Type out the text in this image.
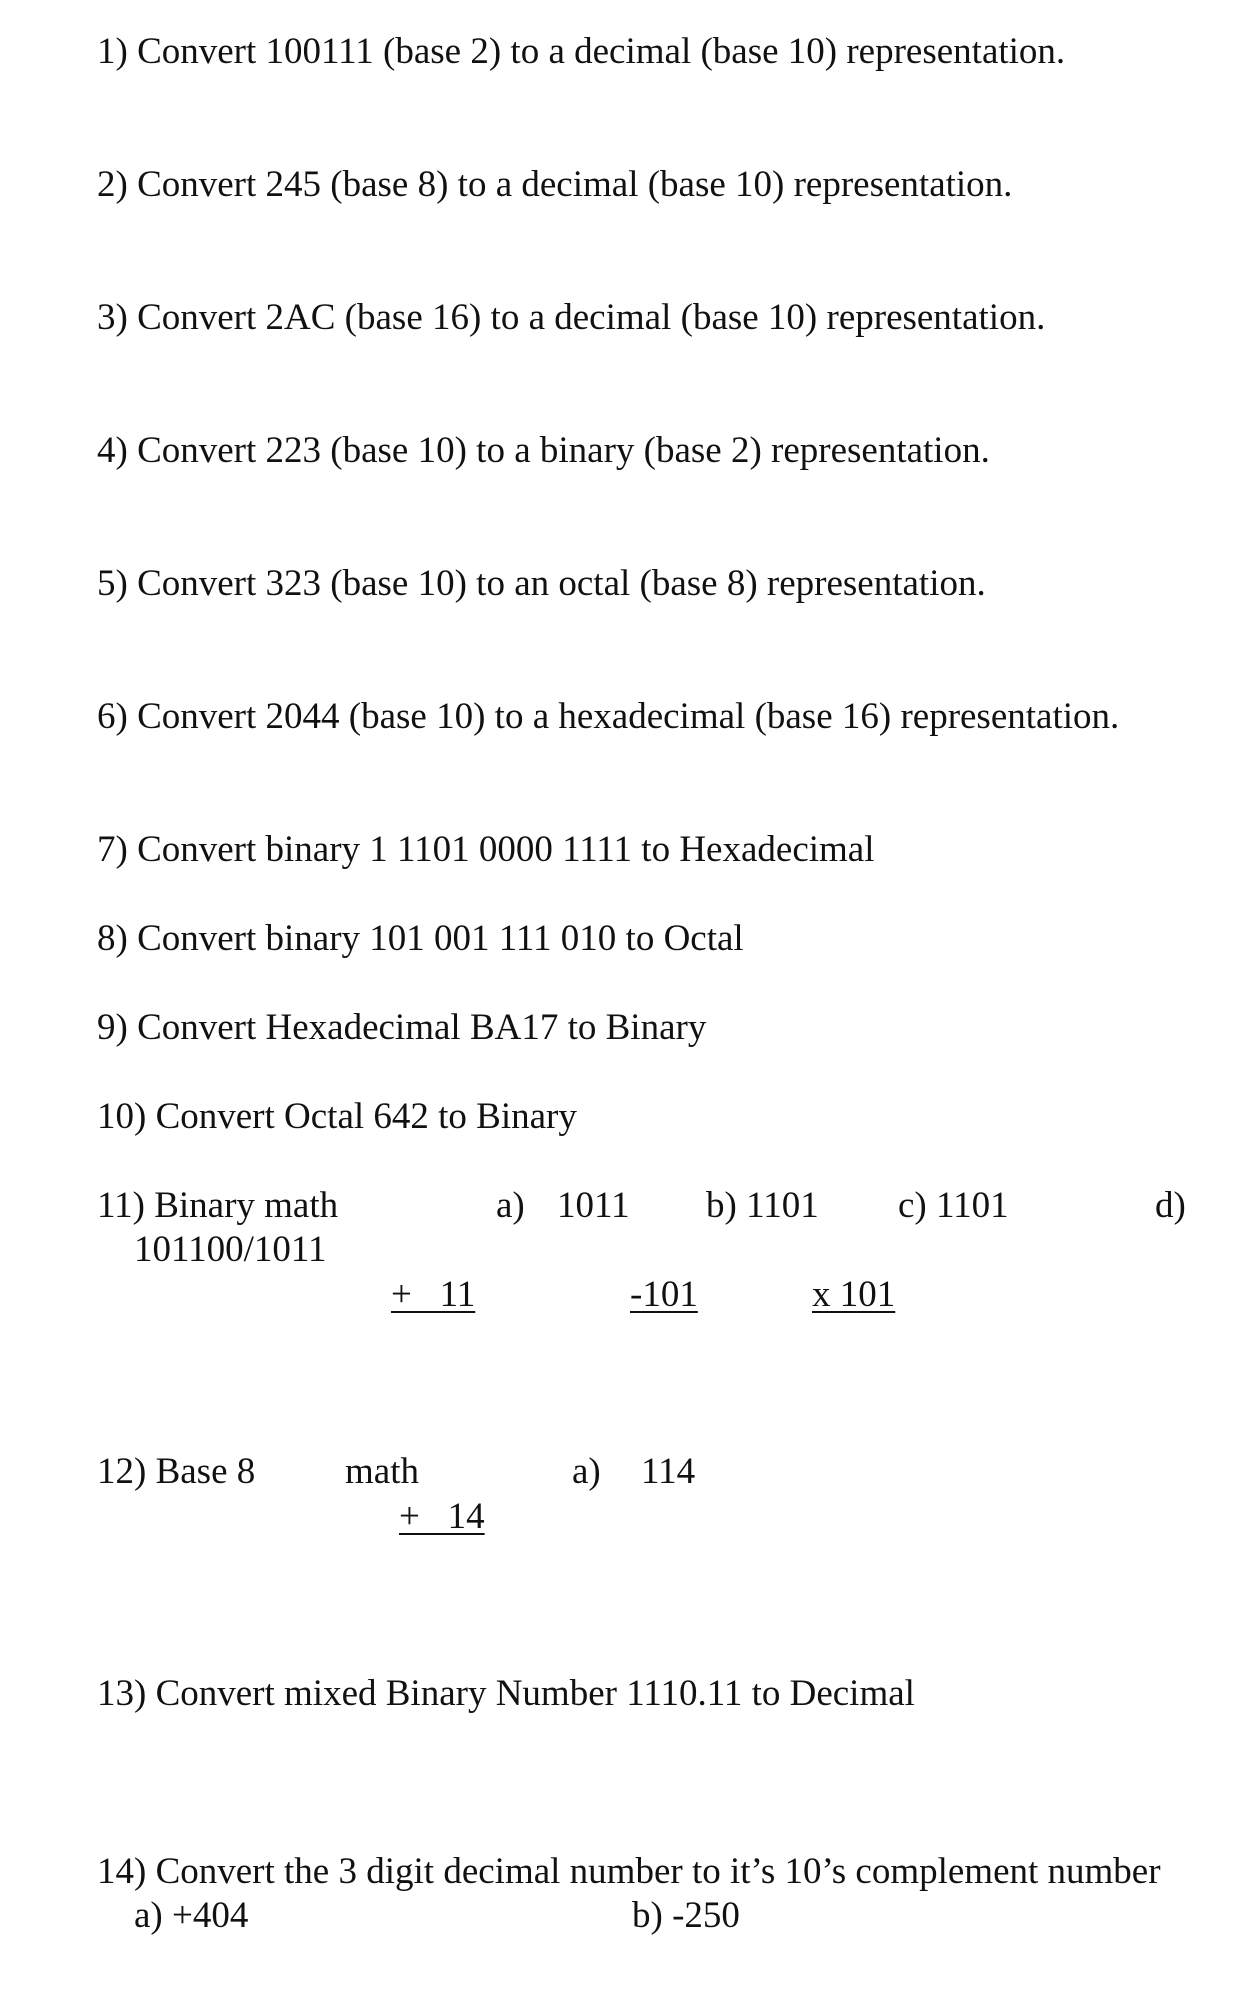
1) Convert 100111 (base 2) to a decimal (base 10) representation.
2) Convert 245 (base 8) to a decimal (base 10) representation.
3) Convert 2AC (base 16) to a decimal (base 10) representation.
4) Convert 223 (base 10) to a binary (base 2) representation.
5) Convert 323 (base 10) to an octal (base 8) representation.
6) Convert 2044 (base 10) to a hexadecimal (base 16) representation.
7) Convert binary 1 1101 0000 1111 to Hexadecimal
8) Convert binary 101 001 111 010 to Octal
9) Convert Hexadecimal BA17 to Binary
10) Convert Octal 642 to Binary
11) Binary math	a) 1011
+   11
b) 1101
-101
c) 1101
x 101
d)
101100/1011
12) Base 8 math	a) 114
+   14
13) Convert mixed Binary Number 1110.11 to Decimal
14) Convert the 3 digit decimal number to it’s 10’s complement number
a) +404	b) -250
